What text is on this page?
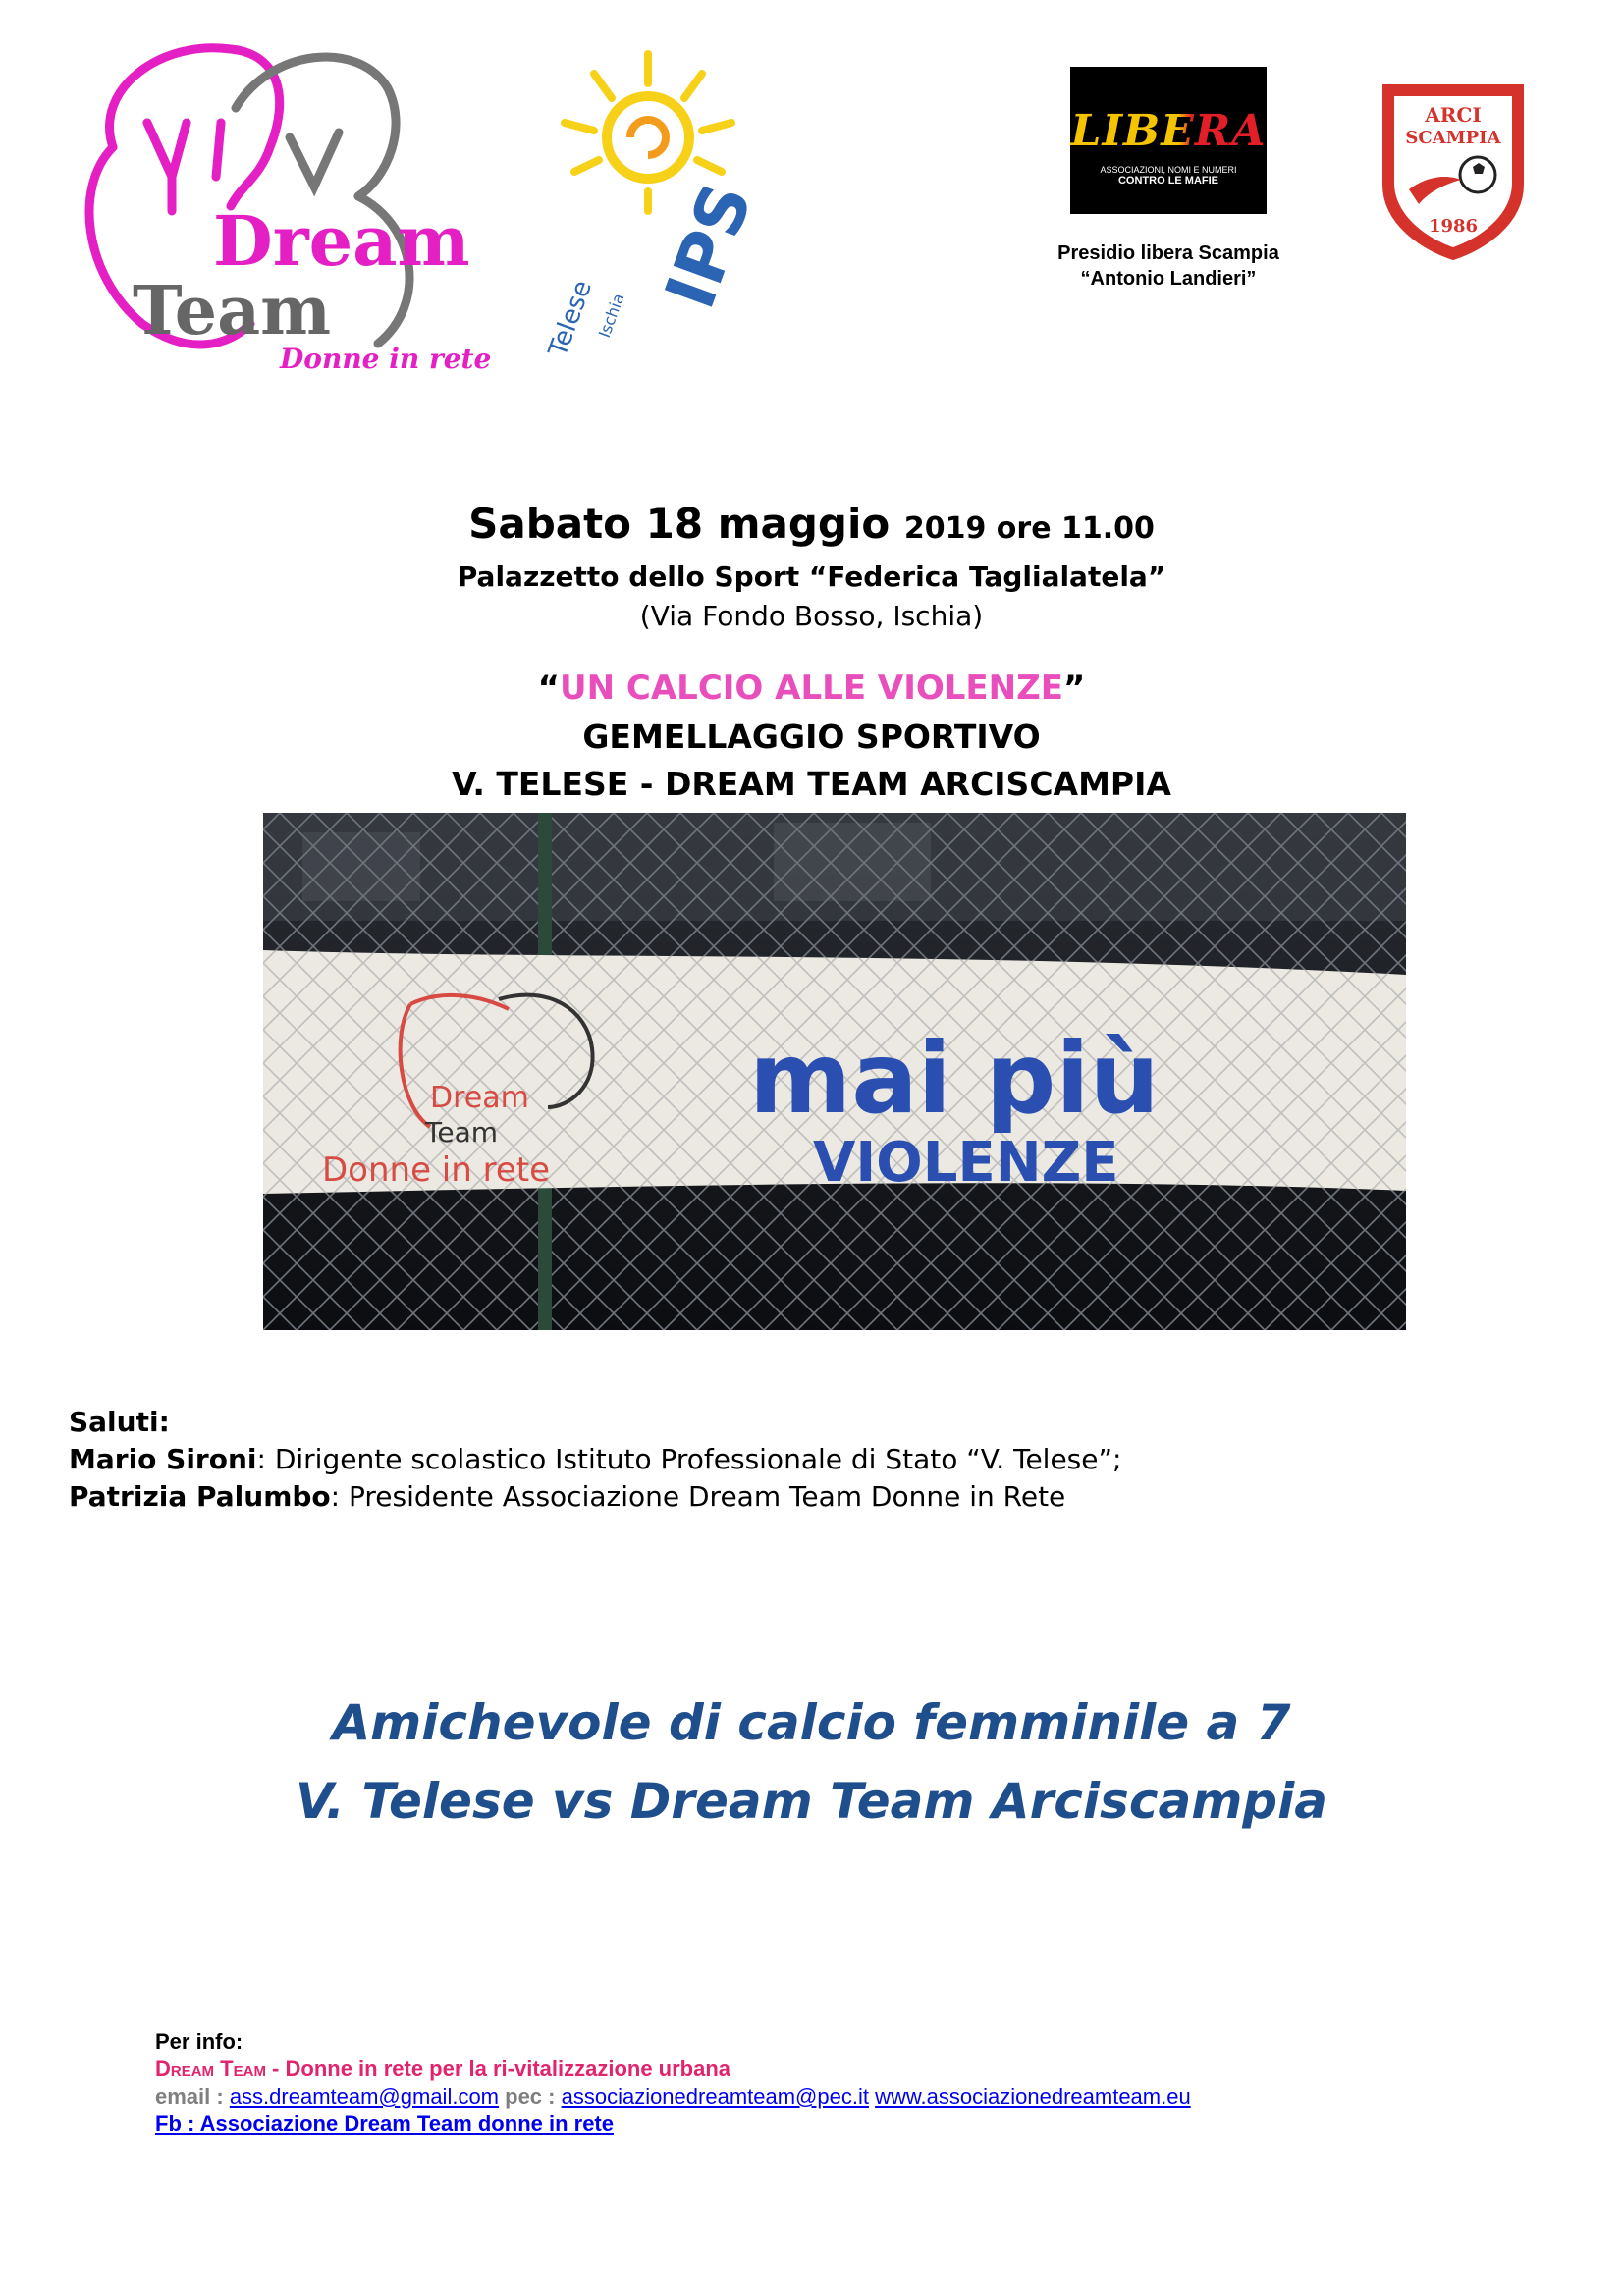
Dream
Team
Donne in rete
IPS
Telese
Ischia
LIBERA
ASSOCIAZIONI, NOMI E NUMERI
CONTRO LE MAFIE
Presidio libera Scampia
“Antonio Landieri”
ARCI
SCAMPIA
1986
Sabato 18 maggio 2019 ore 11.00
Palazzetto dello Sport “Federica Taglialatela”
(Via Fondo Bosso, Ischia)
“UN CALCIO ALLE VIOLENZE”
GEMELLAGGIO SPORTIVO
V. TELESE - DREAM TEAM ARCISCAMPIA
Dream
Team
Donne in rete
mai più
VIOLENZE
Saluti:
Mario Sironi: Dirigente scolastico Istituto Professionale di Stato “V. Telese”;
Patrizia Palumbo: Presidente Associazione Dream Team Donne in Rete
Amichevole di calcio femminile a 7
V. Telese vs Dream Team Arciscampia
Per info:
Dream Team - Donne in rete per la ri-vitalizzazione urbana
email : ass.dreamteam@gmail.com pec : associazionedreamteam@pec.it www.associazionedreamteam.eu
Fb : Associazione Dream Team donne in rete
